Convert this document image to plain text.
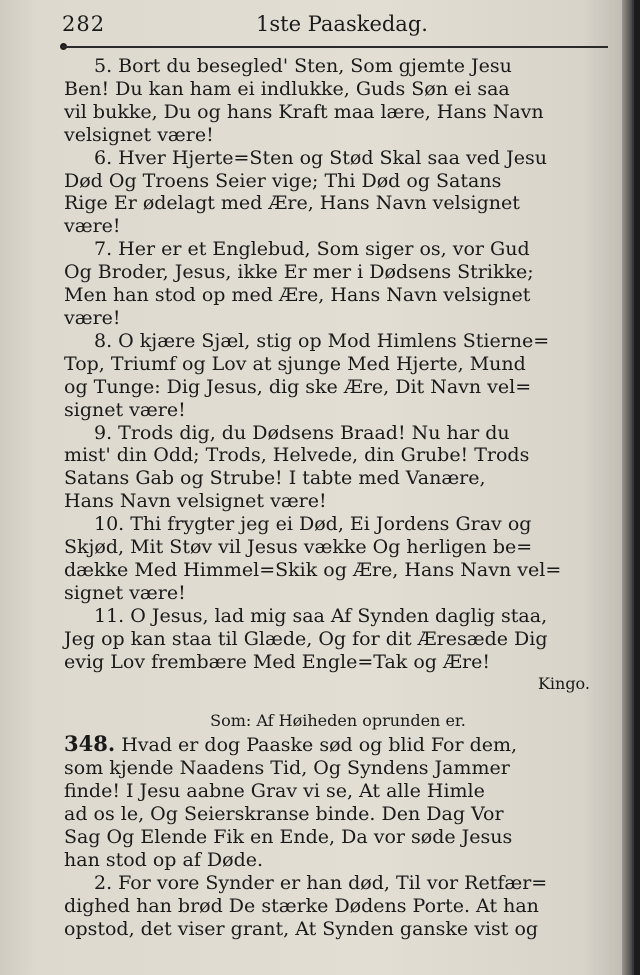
282	1ste Paaskedag.
5. Bort du besegled' Sten, Som gjemte Jesu
Ben! Du kan ham ei indlukke, Guds Søn ei saa
vil bukke, Du og hans Kraft maa lære, Hans Navn
velsignet være!
6. Hver Hjerte=Sten og Stød Skal saa ved Jesu
Død Og Troens Seier vige; Thi Død og Satans
Rige Er ødelagt med Ære, Hans Navn velsignet
være!
7. Her er et Englebud, Som siger os, vor Gud
Og Broder, Jesus, ikke Er mer i Dødsens Strikke;
Men han stod op med Ære, Hans Navn velsignet
være!
8. O kjære Sjæl, stig op Mod Himlens Stierne=
Top, Triumf og Lov at sjunge Med Hjerte, Mund
og Tunge: Dig Jesus, dig ske Ære, Dit Navn vel=
signet være!
9. Trods dig, du Dødsens Braad! Nu har du
mist' din Odd; Trods, Helvede, din Grube! Trods
Satans Gab og Strube! I tabte med Vanære,
Hans Navn velsignet være!
10. Thi frygter jeg ei Død, Ei Jordens Grav og
Skjød, Mit Støv vil Jesus vække Og herligen be=
dække Med Himmel=Skik og Ære, Hans Navn vel=
signet være!
11. O Jesus, lad mig saa Af Synden daglig staa,
Jeg op kan staa til Glæde, Og for dit Æresæde Dig
evig Lov frembære Med Engle=Tak og Ære!
Kingo.
Som: Af Høiheden oprunden er.
348. Hvad er dog Paaske sød og blid For dem,
som kjende Naadens Tid, Og Syndens Jammer
finde! I Jesu aabne Grav vi se, At alle Himle
ad os le, Og Seierskranse binde. Den Dag Vor
Sag Og Elende Fik en Ende, Da vor søde Jesus
han stod op af Døde.
2. For vore Synder er han død, Til vor Retfær=
dighed han brød De stærke Dødens Porte. At han
opstod, det viser grant, At Synden ganske vist og
